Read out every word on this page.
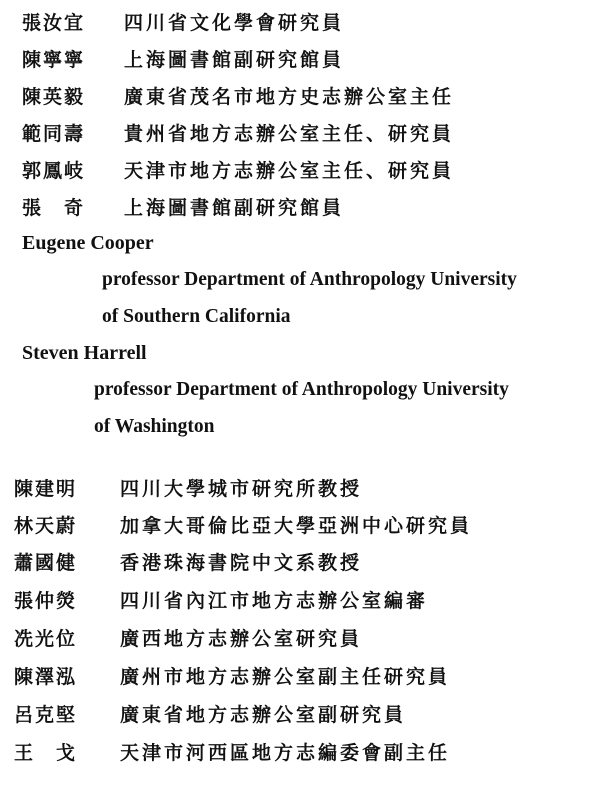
張汝宜 四川省文化學會研究員
陳寧寧 上海圖書館副研究館員
陳英毅 廣東省茂名市地方史志辦公室主任
範同壽 貴州省地方志辦公室主任、研究員
郭鳳岐 天津市地方志辦公室主任、研究員
張　奇 上海圖書館副研究館員
Eugene Cooper
professor Department of Anthropology University
of Southern California
Steven Harrell
professor Department of Anthropology University
of Washington
陳建明 四川大學城市研究所教授
林天蔚 加拿大哥倫比亞大學亞洲中心研究員
蕭國健 香港珠海書院中文系教授
張仲熒 四川省內江市地方志辦公室編審
冼光位 廣西地方志辦公室研究員
陳澤泓 廣州市地方志辦公室副主任研究員
呂克堅 廣東省地方志辦公室副研究員
王　戈 天津市河西區地方志編委會副主任
